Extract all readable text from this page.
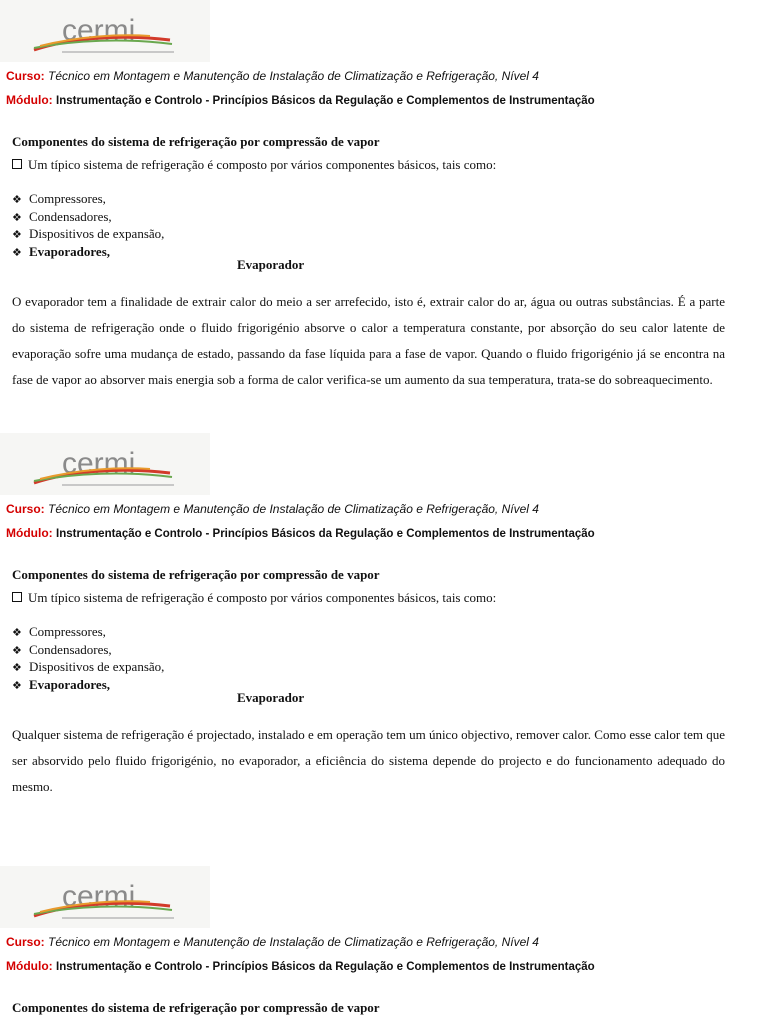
cermi
Curso: Técnico em Montagem e Manutenção de Instalação de Climatização e Refrigeração, Nível 4
Módulo: Instrumentação e Controlo - Princípios Básicos da Regulação e Complementos de Instrumentação
Componentes do sistema de refrigeração por compressão de vapor
Um típico sistema de refrigeração é composto por vários componentes básicos, tais como:
❖ Compressores,
❖ Condensadores,
❖ Dispositivos de expansão,
❖ Evaporadores,
Evaporador

O evaporador tem a finalidade de extrair calor do meio a ser arrefecido, isto é, extrair calor do ar, água ou outras substâncias. É a parte do sistema de refrigeração onde o fluido frigorigénio absorve o calor a temperatura constante, por absorção do seu calor latente de evaporação sofre uma mudança de estado, passando da fase líquida para a fase de vapor. Quando o fluido frigorigénio já se encontra na fase de vapor ao absorver mais energia sob a forma de calor verifica-se um aumento da sua temperatura, trata-se do sobreaquecimento.

cermi
Curso: Técnico em Montagem e Manutenção de Instalação de Climatização e Refrigeração, Nível 4
Módulo: Instrumentação e Controlo - Princípios Básicos da Regulação e Complementos de Instrumentação
Componentes do sistema de refrigeração por compressão de vapor
Um típico sistema de refrigeração é composto por vários componentes básicos, tais como:
❖ Compressores,
❖ Condensadores,
❖ Dispositivos de expansão,
❖ Evaporadores,
Evaporador

Qualquer sistema de refrigeração é projectado, instalado e em operação tem um único objectivo, remover calor. Como esse calor tem que ser absorvido pelo fluido frigorigénio, no evaporador, a eficiência do sistema depende do projecto e do funcionamento adequado do mesmo.

cermi
Curso: Técnico em Montagem e Manutenção de Instalação de Climatização e Refrigeração, Nível 4
Módulo: Instrumentação e Controlo - Princípios Básicos da Regulação e Complementos de Instrumentação
Componentes do sistema de refrigeração por compressão de vapor
